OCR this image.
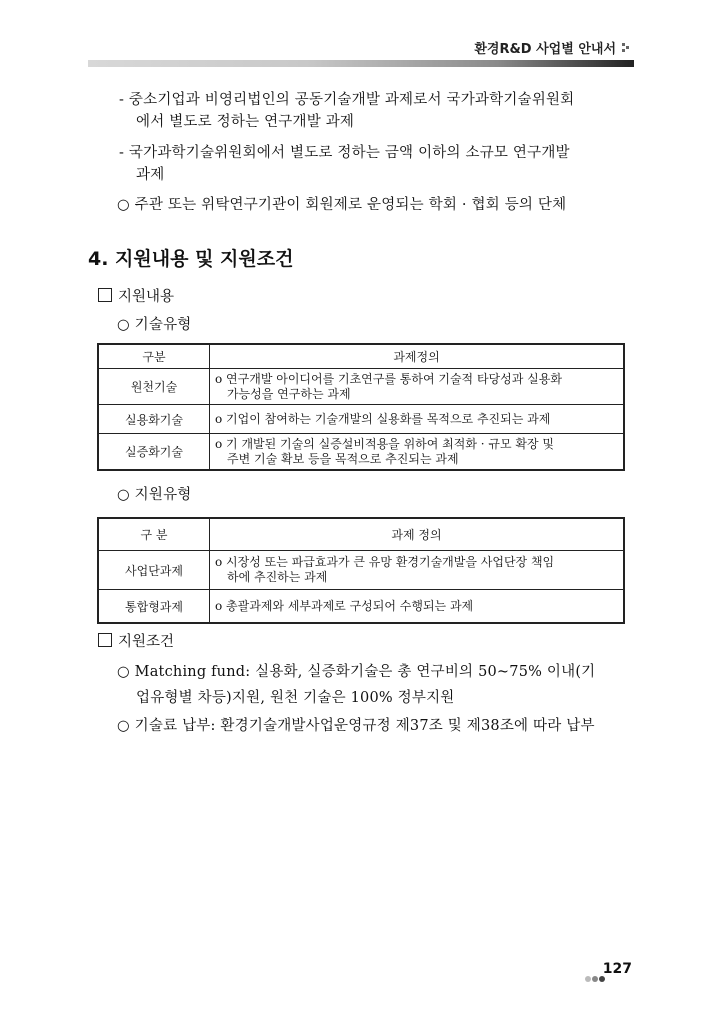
환경R&D 사업별 안내서
- 중소기업과 비영리법인의 공동기술개발 과제로서 국가과학기술위원회
에서 별도로 정하는 연구개발 과제
- 국가과학기술위원회에서 별도로 정하는 금액 이하의 소규모 연구개발
과제
○ 주관 또는 위탁연구기관이 회원제로 운영되는 학회 · 협회 등의 단체
4. 지원내용 및 지원조건
지원내용
○ 기술유형
구분	과제정의
원천기술	o 연구개발 아이디어를 기초연구를 통하여 기술적 타당성과 실용화
가능성을 연구하는 과제

실용화기술	o 기업이 참여하는 기술개발의 실용화를 목적으로 추진되는 과제

실증화기술	o 기 개발된 기술의 실증설비적용을 위하여 최적화 · 규모 확장 및
주변 기술 확보 등을 목적으로 추진되는 과제
○ 지원유형
구 분	과제 정의
사업단과제	o 시장성 또는 파급효과가 큰 유망 환경기술개발을 사업단장 책임
하에 추진하는 과제

통합형과제	o 총괄과제와 세부과제로 구성되어 수행되는 과제
지원조건
○ Matching fund: 실용화, 실증화기술은 총 연구비의 50~75% 이내(기
업유형별 차등)지원, 원천 기술은 100% 정부지원
○ 기술료 납부: 환경기술개발사업운영규정 제37조 및 제38조에 따라 납부
127
